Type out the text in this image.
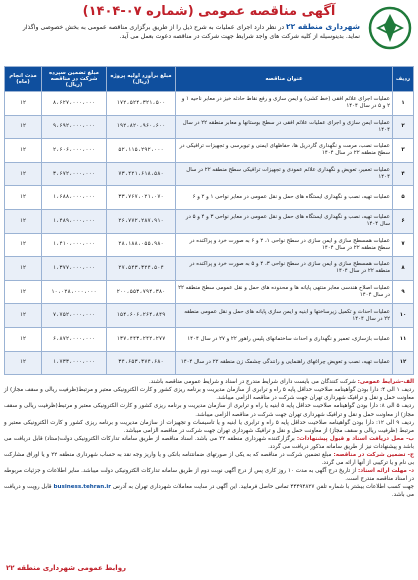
آگهی مناقصه عمومی (شماره ۰۷-۱۴۰۴)
شهرداری منطقه ۲۲ در نظر دارد اجرای عملیات به شرح ذیل را از طریق برگزاری مناقصه عمومی به بخش خصوصی واگذار نماید. بدینوسیله از کلیه شرکت های واجد شرایط جهت شرکت در مناقصه دعوت بعمل می آید.
ردیف	عنوان مناقصه	مبلغ برآورد اولیه پروژه (ریال)	مبلغ تضمین سپرده شرکت در مناقصه (ریال)	مدت انجام (ماه)
۱	عملیات اجرای علائم افقی (خط کشی) و ایمن سازی و رفع نقاط حادثه خیز در معابر ناحیه ۱ و ۲ و ۵ در سال ۱۴۰۴	۱۷۲،۵۲۴،۳۲۱،۵۰۰	۸،۶۲۷،۰۰۰،۰۰۰	۱۲
۲	عملیات ایمن سازی و اجرای عملیات علائم افقی در سطح بوستانها و معابر منطقه ۲۲ در سال ۱۴۰۴	۱۹۲،۸۲۰،۹۶۰،۶۰۰	۹،۶۹۲،۰۰۰،۰۰۰	۱۲
۳	عملیات نصب، مرمت و نگهداری گاردریل ها، حفاظهای ایمنی و تیوبرسی و تجهیزات ترافیکی در سطح منطقه ۲۲ در سال ۱۴۰۴	۵۲،۱۱۵،۲۹۲،۰۰۰	۲،۶۰۶،۰۰۰،۰۰۰	۱۲
۴	عملیات تعمیر، تعویض و نگهداری علائم عمودی و تجهیزات ترافیکی سطح منطقه ۲۲ در سال ۱۴۰۴	۷۳،۴۲۱،۶۱۸،۵۸۰	۳،۶۷۲،۰۰۰،۰۰۰	۱۲
۵	عملیات تهیه، نصب و نگهداری ایستگاه های حمل و نقل عمومی در معابر نواحی ۱ و ۲ و ۶	۳۳،۷۶۷،۰۲۱،۰۷۰	۱،۶۸۸،۰۰۰،۰۰۰	۱۲
۶	عملیات تهیه، نصب و نگهداری ایستگاه های حمل و نقل عمومی در معابر نواحی ۳ و ۴ و ۵ در سال ۱۴۰۴	۲۶،۷۷۲،۲۸۷،۹۱۰	۱،۴۸۹،۰۰۰،۰۰۰	۱۲
۷	عملیات همسطح سازی و ایمن سازی در سطح نواحی ۱، ۲ و ۶ به صورت خرد و پراکنده در سطح منطقه ۲۲ در سال ۱۴۰۴	۲۸،۱۸۸،۰۵۵،۹۸۰	۱،۴۱۰،۰۰۰،۰۰۰	۱۲
۸	عملیات همسطح سازی و ایمن سازی در سطح نواحی ۳، ۴ و ۵ به صورت خرد و پراکنده در منطقه ۲۲ در سال ۱۴۰۴	۲۷،۵۴۳،۳۲۴،۵۰۴	۱،۳۷۷،۰۰۰،۰۰۰	۱۲
۹	عملیات اصلاح هندسی معابر منتهی پایانه ها و محدوده های حمل و نقل عمومی سطح منطقه ۲۲ در سال ۱۴۰۴	۲۰۰،۵۵۳،۷۹۴،۳۸۰	۱۰،۰۲۸،۰۰۰،۰۰۰	۱۲
۱۰	عملیات احداث و تکمیل زیرساختها و ابنیه و ایمن سازی پایانه های حمل و نقل عمومی منطقه ۲۲ در سال ۱۴۰۴	۱۵۴،۶۰۶،۲۶۴،۸۴۹	۷،۷۵۲،۰۰۰،۰۰۰	۱۲
۱۱	عملیات بازسازی، تعمیر و نگهداری و احداث ساختمانهای پلیس راهور ۲۲ و ۲۷ در سال ۱۴۰۴	۱۳۷،۴۴۳،۲۴۲،۲۷۷	۶،۸۷۲،۰۰۰،۰۰۰	۱۲
۱۲	عملیات تهیه، نصب و تعویض چراغهای راهنمایی و رانندگی چشمک زن منطقه ۲۲ در سال ۱۴۰۴	۳۴،۶۵۳،۳۷۴،۶۸۰	۱،۷۳۳،۰۰۰،۰۰۰	۱۲

الف-شرایط عمومی: شرکت کنندگان می بایست دارای شرایط مندرج در اسناد و شرایط عمومی مناقصه باشند.

ردیف ۱ الی ۴: دارا بودن گواهینامه صلاحیت حداقل پایه ۵ راه و ترابری از سازمان مدیریت و برنامه ریزی کشور و کارت الکترونیکی معتبر و مرتبط(ظرفیت ریالی و سقف مجاز) از معاونت حمل و نقل و ترافیک شهرداری تهران جهت شرکت در مناقصه الزامی میباشد.

ردیف ۵ الی ۸: دارا بودن گواهینامه صلاحیت حداقل پایه ۵ ابنیه یا راه و ترابری از سازمان مدیریت و برنامه ریزی کشور و کارت الکترونیکی معتبر و مرتبط(ظرفیت ریالی و سقف مجاز) از معاونت حمل و نقل و ترافیک شهرداری تهران جهت شرکت در مناقصه الزامی میباشد.

ردیف ۹ الی ۱۲: دارا بودن گواهینامه صلاحیت حداقل پایه ۵ راه و ترابری یا ابنیه و یا تاسیسات و تجهیزات از سازمان مدیریت و برنامه ریزی کشور و کارت الکترونیکی معتبر و مرتبط (ظرفیت ریالی و سقف مجاز) از معاونت حمل و نقل و ترافیک شهرداری تهران جهت شرکت در مناقصه الزامی میباشد.

ب- محل دریافت اسناد و قبول پیشنهادات: برگزارکننده شهرداری منطقه ۲۲ می باشد. اسناد مناقصه از طریق سامانه تدارکات الکترونیکی دولت(ستاد) قابل دریافت می باشد و پیشنهادات نیز از طریق سامانه مذکور دریافت می گردد.

ج- تضمین شرکت در مناقصه: مبلغ تضمین شرکت در مناقصه که به یکی از صورتهای ضمانتنامه بانکی و یا واریز وجه نقد به حساب شهرداری منطقه ۲۲ و یا اوراق مشارکت بی نام و یا ترکیبی از آنها ارائه می گردد.

د- مهلت ارائه اسناد: از تاریخ درج آگهی به مدت ۱۰ روز کاری پس از درج آگهی نوبت دوم از طریق سامانه تدارکات الکترونیکی دولت میباشد. سایر اطلاعات و جزئیات مربوطه در اسناد مناقصه مندرج است.

جهت کسب اطلاعات بیشتر با شماره تلفن ۴۴۴۹۴۸۲۷ تماس حاصل فرمایید. این آگهی در سایت معاملات شهرداری تهران به آدرس business.tehran.ir قابل رویت و دریافت می باشد.

روابط عمومی شهرداری منطقه ۲۲
